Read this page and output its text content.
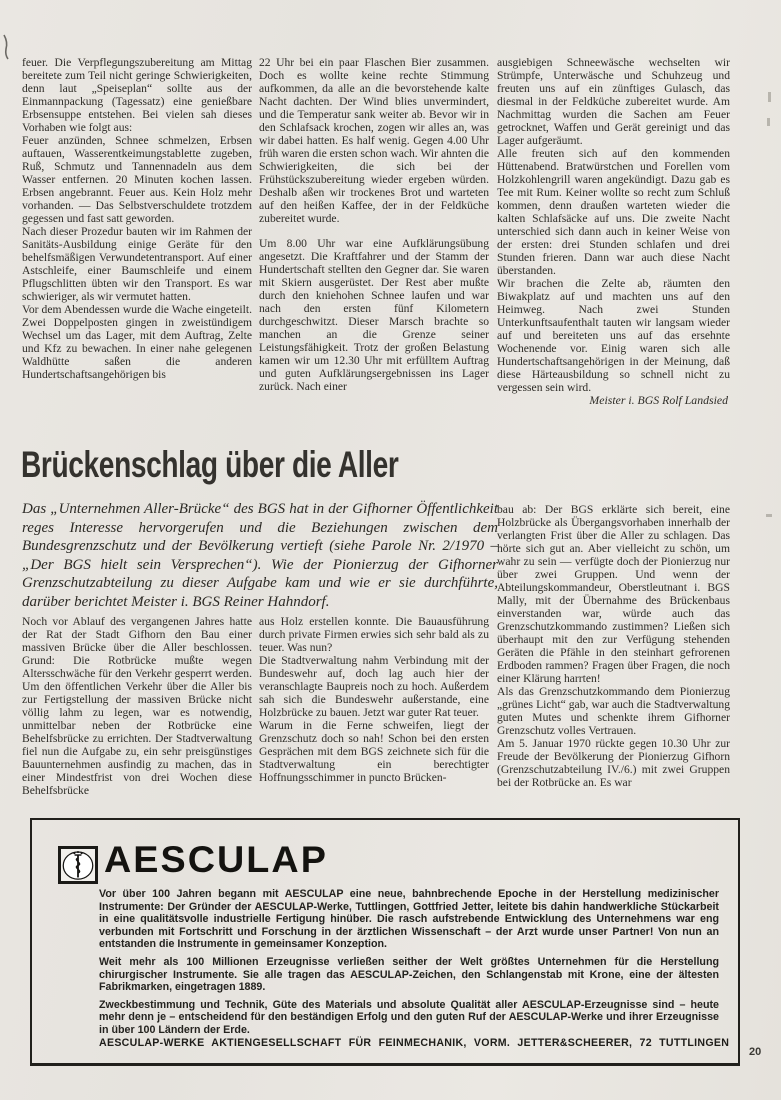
feuer. Die Verpflegungszubereitung am Mittag bereitete zum Teil nicht geringe Schwierigkeiten, denn laut „Speiseplan“ sollte aus der Einmannpackung (Tagessatz) eine genießbare Erbsensuppe entstehen. Bei vielen sah dieses Vorhaben wie folgt aus:

Feuer anzünden, Schnee schmelzen, Erbsen auftauen, Wasserentkeimungstablette zugeben, Ruß, Schmutz und Tannennadeln aus dem Wasser entfernen. 20 Minuten kochen lassen. Erbsen angebrannt. Feuer aus. Kein Holz mehr vorhanden. — Das Selbstverschuldete trotzdem gegessen und fast satt geworden.

Nach dieser Prozedur bauten wir im Rahmen der Sanitäts-Ausbildung einige Geräte für den behelfsmäßigen Verwundetentransport. Auf einer Astschleife, einer Baumschleife und einem Pflugschlitten übten wir den Transport. Es war schwieriger, als wir vermutet hatten.

Vor dem Abendessen wurde die Wache eingeteilt. Zwei Doppelposten gingen in zweistündigem Wechsel um das Lager, mit dem Auftrag, Zelte und Kfz zu bewachen. In einer nahe gelegenen Waldhütte saßen die anderen Hundertschaftsangehörigen bis

22 Uhr bei ein paar Flaschen Bier zusammen. Doch es wollte keine rechte Stimmung aufkommen, da alle an die bevorstehende kalte Nacht dachten. Der Wind blies unvermindert, und die Temperatur sank weiter ab. Bevor wir in den Schlafsack krochen, zogen wir alles an, was wir dabei hatten. Es half wenig. Gegen 4.00 Uhr früh waren die ersten schon wach. Wir ahnten die Schwierigkeiten, die sich bei der Frühstückszubereitung wieder ergeben würden. Deshalb aßen wir trockenes Brot und warteten auf den heißen Kaffee, der in der Feldküche zubereitet wurde.

Um 8.00 Uhr war eine Aufklärungsübung angesetzt. Die Kraftfahrer und der Stamm der Hundertschaft stellten den Gegner dar. Sie waren mit Skiern ausgerüstet. Der Rest aber mußte durch den kniehohen Schnee laufen und war nach den ersten fünf Kilometern durchgeschwitzt. Dieser Marsch brachte so manchen an die Grenze seiner Leistungsfähigkeit. Trotz der großen Belastung kamen wir um 12.30 Uhr mit erfülltem Auftrag und guten Aufklärungsergebnissen ins Lager zurück. Nach einer

ausgiebigen Schneewäsche wechselten wir Strümpfe, Unterwäsche und Schuhzeug und freuten uns auf ein zünftiges Gulasch, das diesmal in der Feldküche zubereitet wurde. Am Nachmittag wurden die Sachen am Feuer getrocknet, Waffen und Gerät gereinigt und das Lager aufgeräumt.

Alle freuten sich auf den kommenden Hüttenabend. Bratwürstchen und Forellen vom Holzkohlengrill waren angekündigt. Dazu gab es Tee mit Rum. Keiner wollte so recht zum Schluß kommen, denn draußen warteten wieder die kalten Schlafsäcke auf uns. Die zweite Nacht unterschied sich dann auch in keiner Weise von der ersten: drei Stunden schlafen und drei Stunden frieren. Dann war auch diese Nacht überstanden.

Wir brachen die Zelte ab, räumten den Biwakplatz auf und machten uns auf den Heimweg. Nach zwei Stunden Unterkunftsaufenthalt tauten wir langsam wieder auf und bereiteten uns auf das ersehnte Wochenende vor. Einig waren sich alle Hundertschaftsangehörigen in der Meinung, daß diese Härteausbildung so schnell nicht zu vergessen sein wird.

Meister i. BGS Rolf Landsied

Brückenschlag über die Aller
Das „Unternehmen Aller-Brücke“ des BGS hat in der Gifhorner Öffentlichkeit reges Interesse hervorgerufen und die Beziehungen zwischen dem Bundesgrenzschutz und der Bevölkerung vertieft (siehe Parole Nr. 2/1970 – „Der BGS hielt sein Versprechen“). Wie der Pionierzug der Gifhorner Grenzschutzabteilung zu dieser Aufgabe kam und wie er sie durchführte, darüber berichtet Meister i. BGS Reiner Hahndorf.

Noch vor Ablauf des vergangenen Jahres hatte der Rat der Stadt Gifhorn den Bau einer massiven Brücke über die Aller beschlossen. Grund: Die Rotbrücke mußte wegen Altersschwäche für den Verkehr gesperrt werden. Um den öffentlichen Verkehr über die Aller bis zur Fertigstellung der massiven Brücke nicht völlig lahm zu legen, war es notwendig, unmittelbar neben der Rotbrücke eine Behelfsbrücke zu errichten. Der Stadtverwaltung fiel nun die Aufgabe zu, ein sehr preisgünstiges Bauunternehmen ausfindig zu machen, das in einer Mindestfrist von drei Wochen diese Behelfsbrücke

aus Holz erstellen konnte. Die Bauausführung durch private Firmen erwies sich sehr bald als zu teuer. Was nun?

Die Stadtverwaltung nahm Verbindung mit der Bundeswehr auf, doch lag auch hier der veranschlagte Baupreis noch zu hoch. Außerdem sah sich die Bundeswehr außerstande, eine Holzbrücke zu bauen. Jetzt war guter Rat teuer.

Warum in die Ferne schweifen, liegt der Grenzschutz doch so nah! Schon bei den ersten Gesprächen mit dem BGS zeichnete sich für die Stadtverwaltung ein berechtigter Hoffnungsschimmer in puncto Brücken-

bau ab: Der BGS erklärte sich bereit, eine Holzbrücke als Übergangsvorhaben innerhalb der verlangten Frist über die Aller zu schlagen. Das hörte sich gut an. Aber vielleicht zu schön, um wahr zu sein — verfügte doch der Pionierzug nur über zwei Gruppen. Und wenn der Abteilungskommandeur, Oberstleutnant i. BGS Mally, mit der Übernahme des Brückenbaus einverstanden war, würde auch das Grenzschutzkommando zustimmen? Ließen sich überhaupt mit den zur Verfügung stehenden Geräten die Pfähle in den steinhart gefrorenen Erdboden rammen? Fragen über Fragen, die noch einer Klärung harrten!

Als das Grenzschutzkommando dem Pionierzug „grünes Licht“ gab, war auch die Stadtverwaltung guten Mutes und schenkte ihrem Gifhorner Grenzschutz volles Vertrauen.

Am 5. Januar 1970 rückte gegen 10.30 Uhr zur Freude der Bevölkerung der Pionierzug Gifhorn (Grenzschutzabteilung IV./6.) mit zwei Gruppen bei der Rotbrücke an. Es war

AESCULAP

Vor über 100 Jahren begann mit AESCULAP eine neue, bahnbrechende Epoche in der Herstellung medizinischer Instrumente: Der Gründer der AESCULAP-Werke, Tuttlingen, Gottfried Jetter, leitete bis dahin handwerkliche Stückarbeit in eine qualitätsvolle industrielle Fertigung hinüber. Die rasch aufstrebende Entwicklung des Unternehmens war eng verbunden mit Fortschritt und Forschung in der ärztlichen Wissenschaft – der Arzt wurde unser Partner! Von nun an entstanden die Instrumente in gemeinsamer Konzeption.

Weit mehr als 100 Millionen Erzeugnisse verließen seither der Welt größtes Unternehmen für die Herstellung chirurgischer Instrumente. Sie alle tragen das AESCULAP-Zeichen, den Schlangenstab mit Krone, eine der ältesten Fabrikmarken, eingetragen 1889.

Zweckbestimmung und Technik, Güte des Materials und absolute Qualität aller AESCULAP-Erzeugnisse sind – heute mehr denn je – entscheidend für den beständigen Erfolg und den guten Ruf der AESCULAP-Werke und ihrer Erzeugnisse in über 100 Ländern der Erde.

AESCULAP-WERKE AKTIENGESELLSCHAFT FÜR FEINMECHANIK, VORM. JETTER&SCHEERER, 72 TUTTLINGEN

20
